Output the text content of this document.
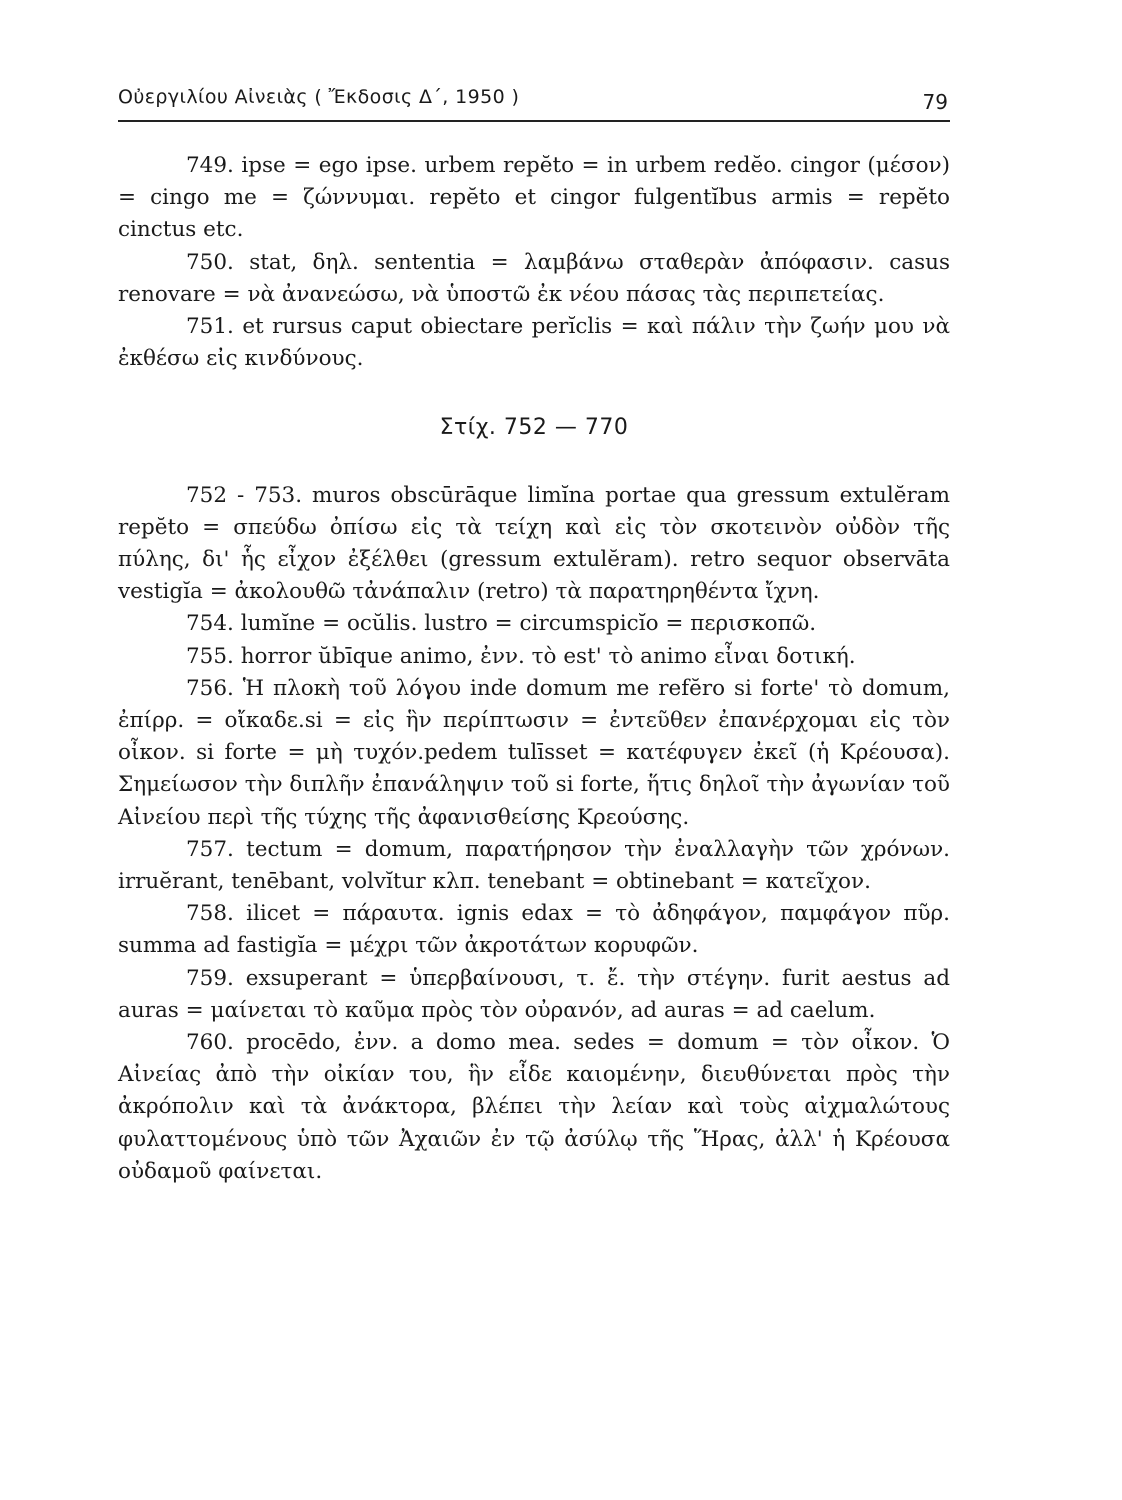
Οὐεργιλίου Αἰνειὰς ( Ἔκδοσις Δ΄, 1950 )	79

749. ipse = ego ipse. urbem repĕto = in urbem redĕo. cingor (μέσον) = cingo me = ζώννυμαι. repĕto et cingor fulgentĭbus armis = repĕto cinctus etc.

750. stat, δηλ. sententia = λαμβάνω σταθερὰν ἀπόφασιν. casus renovare = νὰ ἀνανεώσω, νὰ ὑποστῶ ἐκ νέου πάσας τὰς περιπετείας.

751. et rursus caput obiectare perĭclis = καὶ πάλιν τὴν ζωήν μου νὰ ἐκθέσω εἰς κινδύνους.

Στίχ. 752 — 770

752 - 753. muros obscūrāque limĭna portae qua gressum extulĕram repĕto = σπεύδω ὀπίσω εἰς τὰ τείχη καὶ εἰς τὸν σκοτεινὸν οὐδὸν τῆς πύλης, δι' ἧς εἶχον ἐξέλθει (gressum extulĕram). retro sequor observāta vestigĭa = ἀκολουθῶ τἀνάπαλιν (retro) τὰ παρατηρηθέντα ἴχνη.

754. lumĭne = ocŭlis. lustro = circumspicĭo = περισκοπῶ.

755. horror ŭbīque animo, ἐνν. τὸ est' τὸ animo εἶναι δοτική.

756. Ἡ πλοκὴ τοῦ λόγου inde domum me refĕro si forte' τὸ domum, ἐπίρρ. = οἴκαδε.si = εἰς ἣν περίπτωσιν = ἐντεῦθεν ἐπανέρχομαι εἰς τὸν οἶκον. si forte = μὴ τυχόν.pedem tulīsset = κατέφυγεν ἐκεῖ (ἡ Κρέουσα). Σημείωσον τὴν διπλῆν ἐπανάληψιν τοῦ si forte, ἥτις δηλοῖ τὴν ἀγωνίαν τοῦ Αἰνείου περὶ τῆς τύχης τῆς ἀφανισθείσης Κρεούσης.

757. tectum = domum, παρατήρησον τὴν ἐναλλαγὴν τῶν χρόνων. irruĕrant, tenēbant, volvĭtur κλπ. tenebant = obtinebant = κατεῖχον.

758. ilicet = πάραυτα. ignis edax = τὸ ἀδηφάγον, παμφάγον πῦρ. summa ad fastigĭa = μέχρι τῶν ἀκροτάτων κορυφῶν.

759. exsuperant = ὑπερβαίνουσι, τ. ἔ. τὴν στέγην. furit aestus ad auras = μαίνεται τὸ καῦμα πρὸς τὸν οὐρανόν, ad auras = ad caelum.

760. procēdo, ἐνν. a domo mea. sedes = domum = τὸν οἶκον. Ὁ Αἰνείας ἀπὸ τὴν οἰκίαν του, ἣν εἶδε καιομένην, διευθύνεται πρὸς τὴν ἀκρόπολιν καὶ τὰ ἀνάκτορα, βλέπει τὴν λείαν καὶ τοὺς αἰχμαλώτους φυλαττομένους ὑπὸ τῶν Ἀχαιῶν ἐν τῷ ἀσύλῳ τῆς Ἥρας, ἀλλ' ἡ Κρέουσα οὐδαμοῦ φαίνεται.
